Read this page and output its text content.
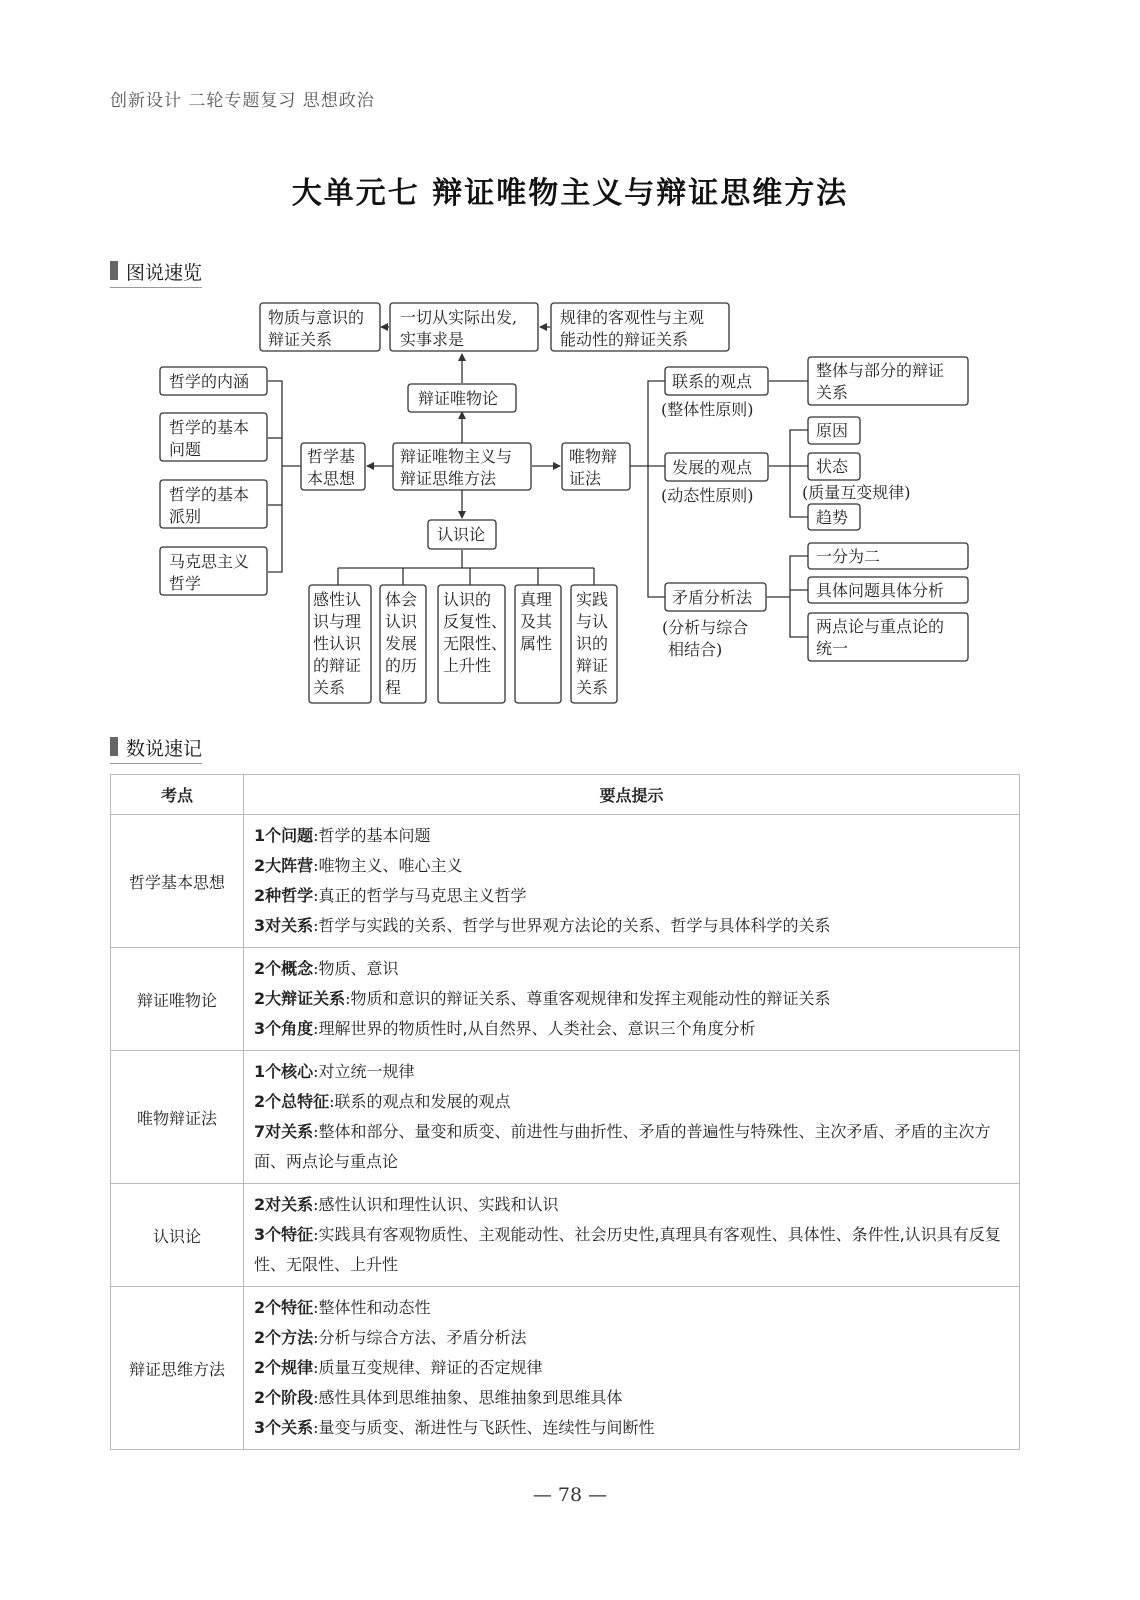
创新设计 二轮专题复习 思想政治
大单元七 辩证唯物主义与辩证思维方法
图说速览
物质与意识的
辩证关系
一切从实际出发,
实事求是
规律的客观性与主观
能动性的辩证关系
辩证唯物论
辩证唯物主义与
辩证思维方法
哲学基
本思想
哲学的内涵
哲学的基本
问题
哲学的基本
派别
马克思主义
哲学
认识论
感性认
识与理
性认识
的辩证
关系
体会
认识
发展
的历
程
认识的
反复性、
无限性、
上升性
真理
及其
属性
实践
与认
识的
辩证
关系
唯物辩
证法
联系的观点
(整体性原则)
整体与部分的辩证
关系
发展的观点
(动态性原则)
原因
状态
(质量互变规律)
趋势
矛盾分析法
(分析与综合
相结合)
一分为二
具体问题具体分析
两点论与重点论的
统一
数说速记
考点	要点提示
哲学基本思想	1个问题:哲学的基本问题
2大阵营:唯物主义、唯心主义
2种哲学:真正的哲学与马克思主义哲学
3对关系:哲学与实践的关系、哲学与世界观方法论的关系、哲学与具体科学的关系

辩证唯物论	2个概念:物质、意识
2大辩证关系:物质和意识的辩证关系、尊重客观规律和发挥主观能动性的辩证关系
3个角度:理解世界的物质性时,从自然界、人类社会、意识三个角度分析

唯物辩证法	1个核心:对立统一规律
2个总特征:联系的观点和发展的观点
7对关系:整体和部分、量变和质变、前进性与曲折性、矛盾的普遍性与特殊性、主次矛盾、矛盾的主次方面、两点论与重点论

认识论	2对关系:感性认识和理性认识、实践和认识
3个特征:实践具有客观物质性、主观能动性、社会历史性,真理具有客观性、具体性、条件性,认识具有反复性、无限性、上升性

辩证思维方法	2个特征:整体性和动态性
2个方法:分析与综合方法、矛盾分析法
2个规律:质量互变规律、辩证的否定规律
2个阶段:感性具体到思维抽象、思维抽象到思维具体
3个关系:量变与质变、渐进性与飞跃性、连续性与间断性
— 78 —
